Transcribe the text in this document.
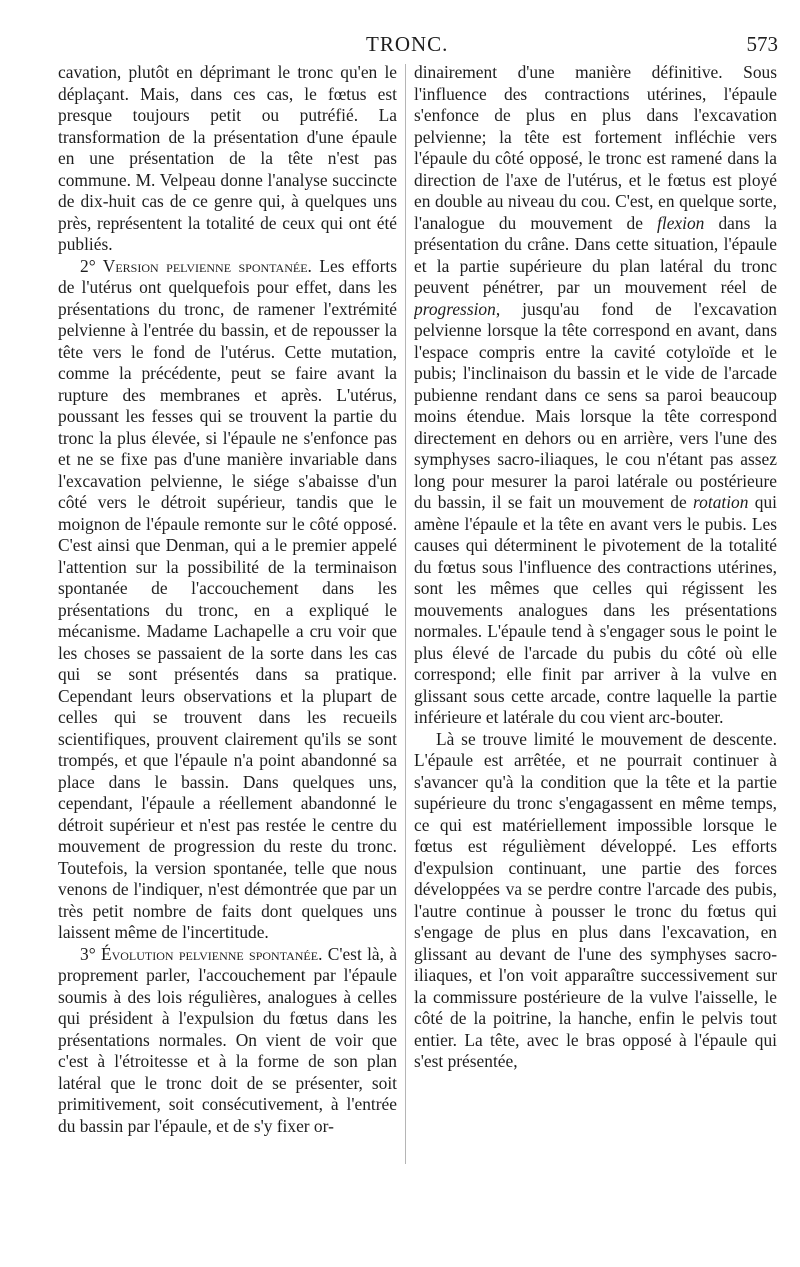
TRONC.	573

cavation, plutôt en déprimant le tronc qu'en le déplaçant. Mais, dans ces cas, le fœtus est presque toujours petit ou putréfié. La transformation de la présentation d'une épaule en une présentation de la tête n'est pas commune. M. Velpeau donne l'analyse succincte de dix-huit cas de ce genre qui, à quelques uns près, représentent la totalité de ceux qui ont été publiés.

2° Version pelvienne spontanée. Les efforts de l'utérus ont quelquefois pour effet, dans les présentations du tronc, de ramener l'extrémité pelvienne à l'entrée du bassin, et de repousser la tête vers le fond de l'utérus. Cette mutation, comme la précédente, peut se faire avant la rupture des membranes et après. L'utérus, poussant les fesses qui se trouvent la partie du tronc la plus élevée, si l'épaule ne s'enfonce pas et ne se fixe pas d'une manière invariable dans l'excavation pelvienne, le siége s'abaisse d'un côté vers le détroit supérieur, tandis que le moignon de l'épaule remonte sur le côté opposé. C'est ainsi que Denman, qui a le premier appelé l'attention sur la possibilité de la terminaison spontanée de l'accouchement dans les présentations du tronc, en a expliqué le mécanisme. Madame Lachapelle a cru voir que les choses se passaient de la sorte dans les cas qui se sont présentés dans sa pratique. Cependant leurs observations et la plupart de celles qui se trouvent dans les recueils scientifiques, prouvent clairement qu'ils se sont trompés, et que l'épaule n'a point abandonné sa place dans le bassin. Dans quelques uns, cependant, l'épaule a réellement abandonné le détroit supérieur et n'est pas restée le centre du mouvement de progression du reste du tronc. Toutefois, la version spontanée, telle que nous venons de l'indiquer, n'est démontrée que par un très petit nombre de faits dont quelques uns laissent même de l'incertitude.

3° Évolution pelvienne spontanée. C'est là, à proprement parler, l'accouchement par l'épaule soumis à des lois régulières, analogues à celles qui président à l'expulsion du fœtus dans les présentations normales. On vient de voir que c'est à l'étroitesse et à la forme de son plan latéral que le tronc doit de se présenter, soit primitivement, soit consécutivement, à l'entrée du bassin par l'épaule, et de s'y fixer or-

dinairement d'une manière définitive. Sous l'influence des contractions utérines, l'épaule s'enfonce de plus en plus dans l'excavation pelvienne; la tête est fortement infléchie vers l'épaule du côté opposé, le tronc est ramené dans la direction de l'axe de l'utérus, et le fœtus est ployé en double au niveau du cou. C'est, en quelque sorte, l'analogue du mouvement de flexion dans la présentation du crâne. Dans cette situation, l'épaule et la partie supérieure du plan latéral du tronc peuvent pénétrer, par un mouvement réel de progression, jusqu'au fond de l'excavation pelvienne lorsque la tête correspond en avant, dans l'espace compris entre la cavité cotyloïde et le pubis; l'inclinaison du bassin et le vide de l'arcade pubienne rendant dans ce sens sa paroi beaucoup moins étendue. Mais lorsque la tête correspond directement en dehors ou en arrière, vers l'une des symphyses sacro-iliaques, le cou n'étant pas assez long pour mesurer la paroi latérale ou postérieure du bassin, il se fait un mouvement de rotation qui amène l'épaule et la tête en avant vers le pubis. Les causes qui déterminent le pivotement de la totalité du fœtus sous l'influence des contractions utérines, sont les mêmes que celles qui régissent les mouvements analogues dans les présentations normales. L'épaule tend à s'engager sous le point le plus élevé de l'arcade du pubis du côté où elle correspond; elle finit par arriver à la vulve en glissant sous cette arcade, contre laquelle la partie inférieure et latérale du cou vient arc-bouter.

Là se trouve limité le mouvement de descente. L'épaule est arrêtée, et ne pourrait continuer à s'avancer qu'à la condition que la tête et la partie supérieure du tronc s'engagassent en même temps, ce qui est matériellement impossible lorsque le fœtus est régulièment développé. Les efforts d'expulsion continuant, une partie des forces développées va se perdre contre l'arcade des pubis, l'autre continue à pousser le tronc du fœtus qui s'engage de plus en plus dans l'excavation, en glissant au devant de l'une des symphyses sacro-iliaques, et l'on voit apparaître successivement sur la commissure postérieure de la vulve l'aisselle, le côté de la poitrine, la hanche, enfin le pelvis tout entier. La tête, avec le bras opposé à l'épaule qui s'est présentée,
